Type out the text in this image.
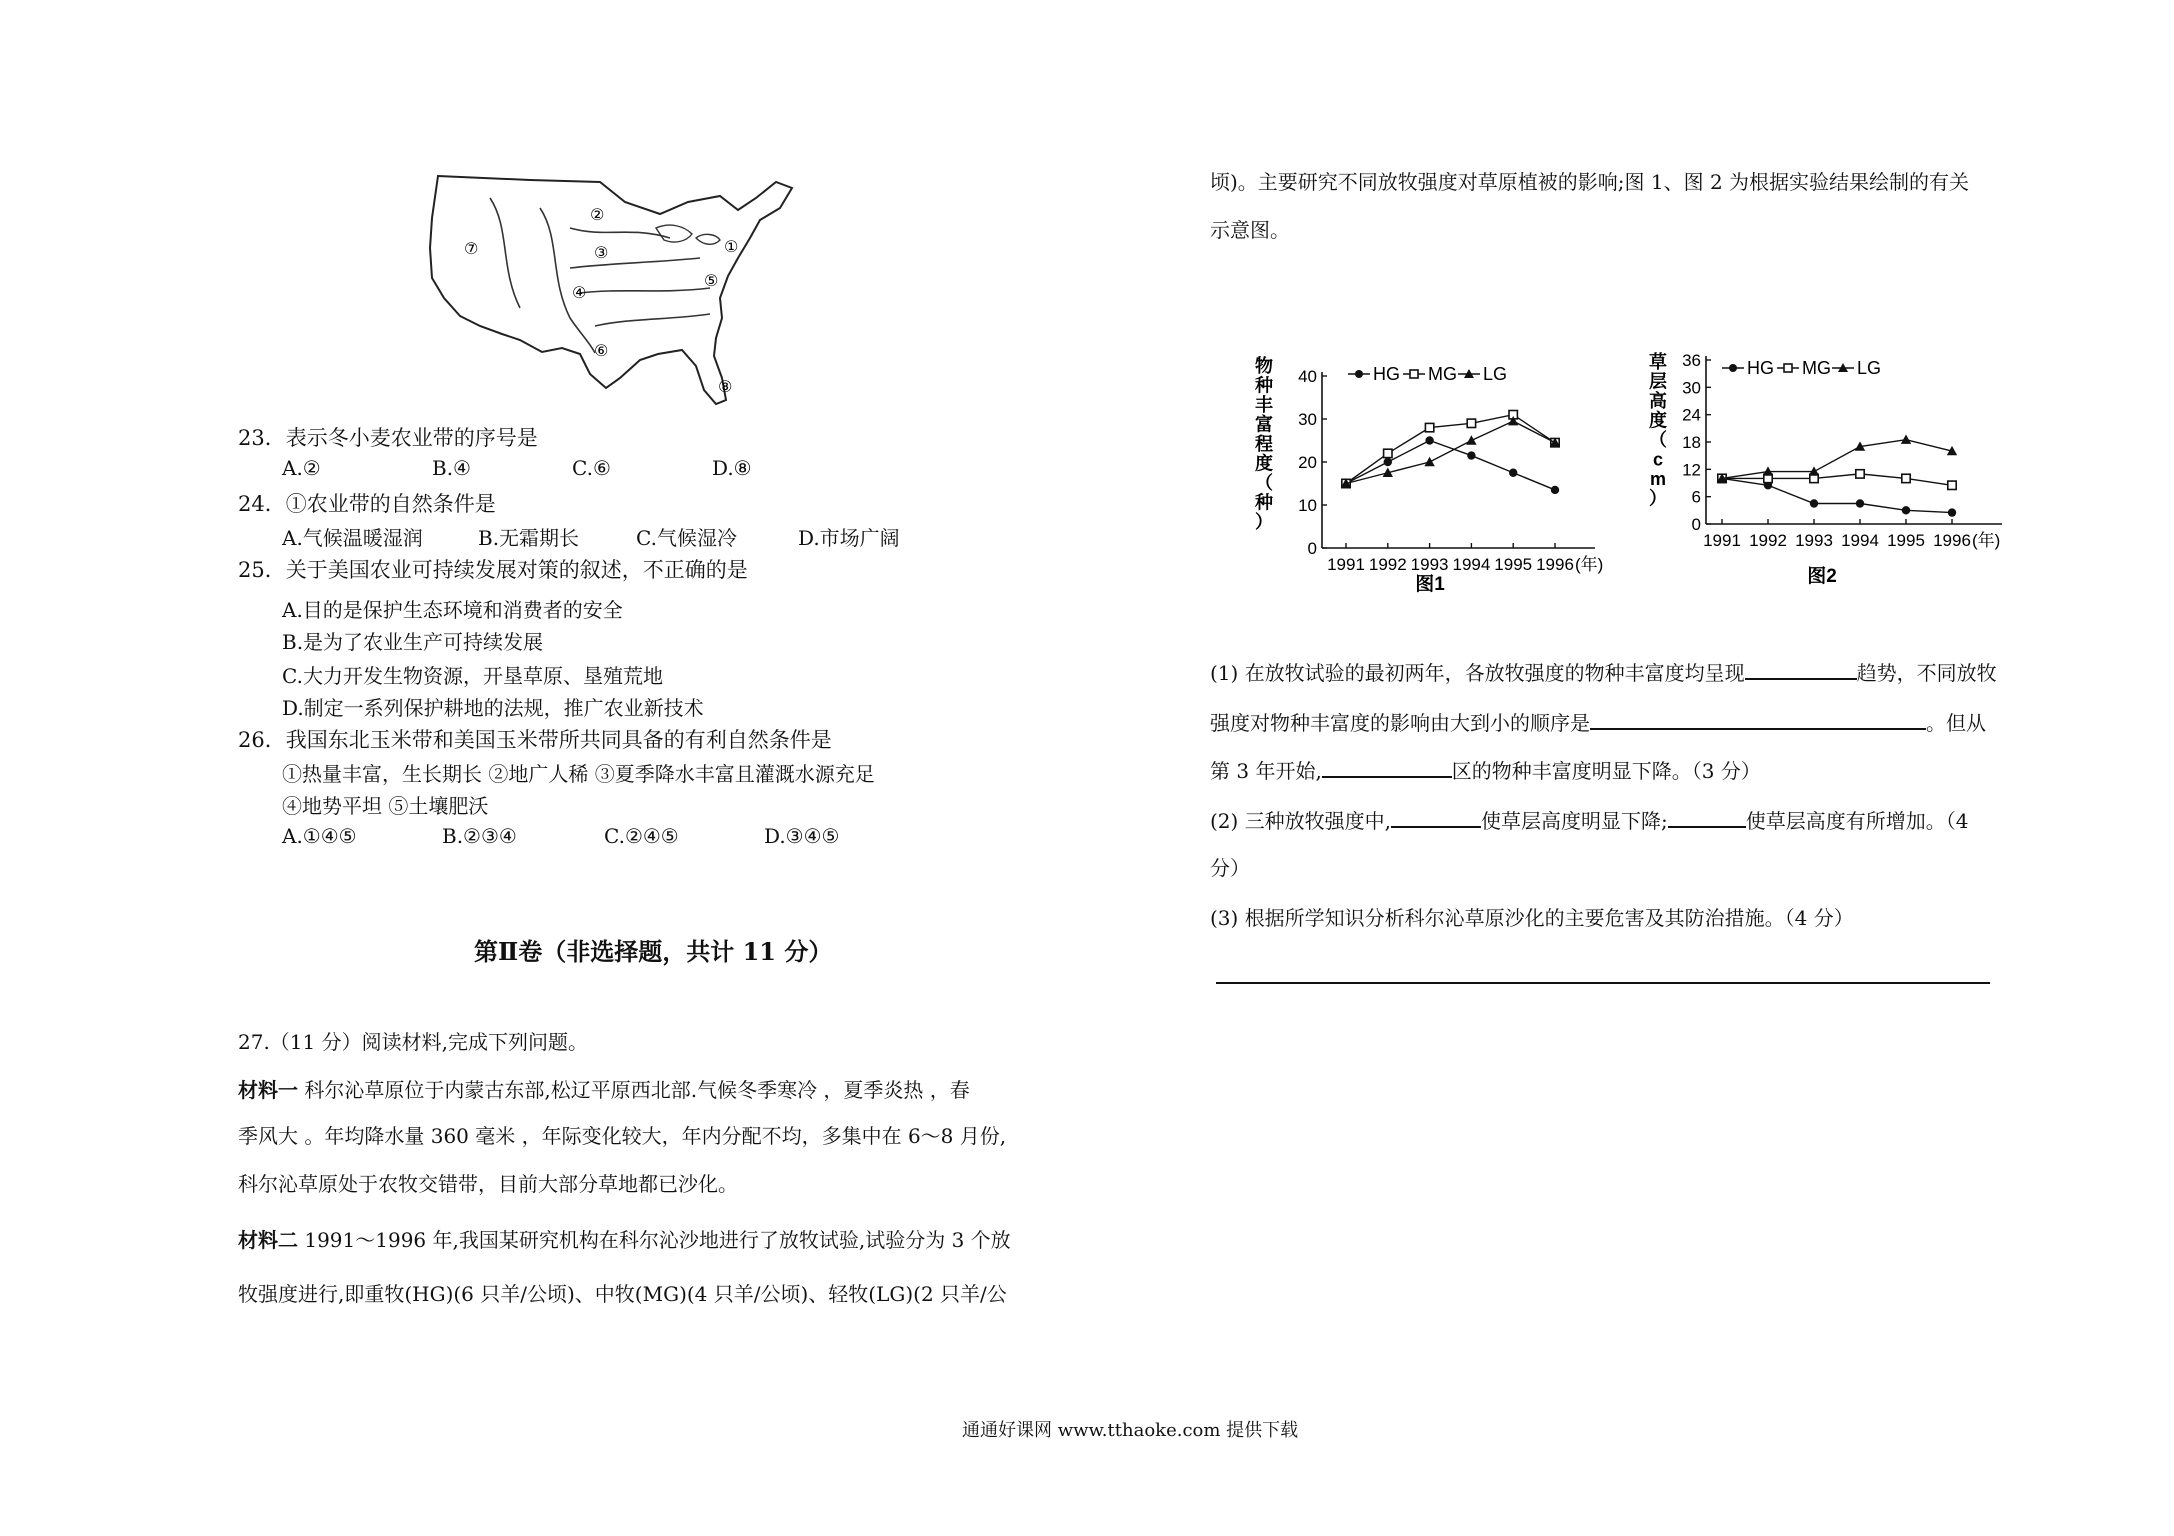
⑦
②
③
④
①
⑤
⑥
⑧
23．表示冬小麦农业带的序号是
A.②	B.④	C.⑥	D.⑧
24．①农业带的自然条件是
A.气候温暖湿润	B.无霜期长	C.气候湿冷	D.市场广阔
25．关于美国农业可持续发展对策的叙述，不正确的是
A.目的是保护生态环境和消费者的安全
B.是为了农业生产可持续发展
C.大力开发生物资源，开垦草原、垦殖荒地
D.制定一系列保护耕地的法规，推广农业新技术
26．我国东北玉米带和美国玉米带所共同具备的有利自然条件是
①热量丰富，生长期长 ②地广人稀 ③夏季降水丰富且灌溉水源充足
④地势平坦 ⑤土壤肥沃
A.①④⑤	B.②③④	C.②④⑤	D.③④⑤
第Ⅱ卷（非选择题，共计 11 分）
27.（11 分）阅读材料,完成下列问题。
材料一 科尔沁草原位于内蒙古东部,松辽平原西北部.气候冬季寒冷 ，夏季炎热 ，春
季风大 。年均降水量 360 毫米 ，年际变化较大，年内分配不均，多集中在 6～8 月份,
科尔沁草原处于农牧交错带，目前大部分草地都已沙化。
材料二 1991～1996 年,我国某研究机构在科尔沁沙地进行了放牧试验,试验分为 3 个放
牧强度进行,即重牧(HG)(6 只羊/公顷)、中牧(MG)(4 只羊/公顷)、轻牧(LG)(2 只羊/公
顷)。主要研究不同放牧强度对草原植被的影响;图 1、图 2 为根据实验结果绘制的有关
示意图。
0
10
20
30
40
1991 1992 1993 1994 1995 1996 (年)
物
种
丰
富
程
度
（
种
）
HG MG LG
图1
0
6
12
18
24
30
36
1991 1992 1993 1994 1995 1996 (年)
草
层
高
度
（
c
m
）
HG MG LG
图2
(1) 在放牧试验的最初两年，各放牧强度的物种丰富度均呈现	趋势，不同放牧
强度对物种丰富度的影响由大到小的顺序是	。但从
第 3 年开始,	区的物种丰富度明显下降。（3 分）
(2) 三种放牧强度中,	使草层高度明显下降;	使草层高度有所增加。（4
分）
(3) 根据所学知识分析科尔沁草原沙化的主要危害及其防治措施。（4 分）
通通好课网 www.tthaoke.com 提供下载
